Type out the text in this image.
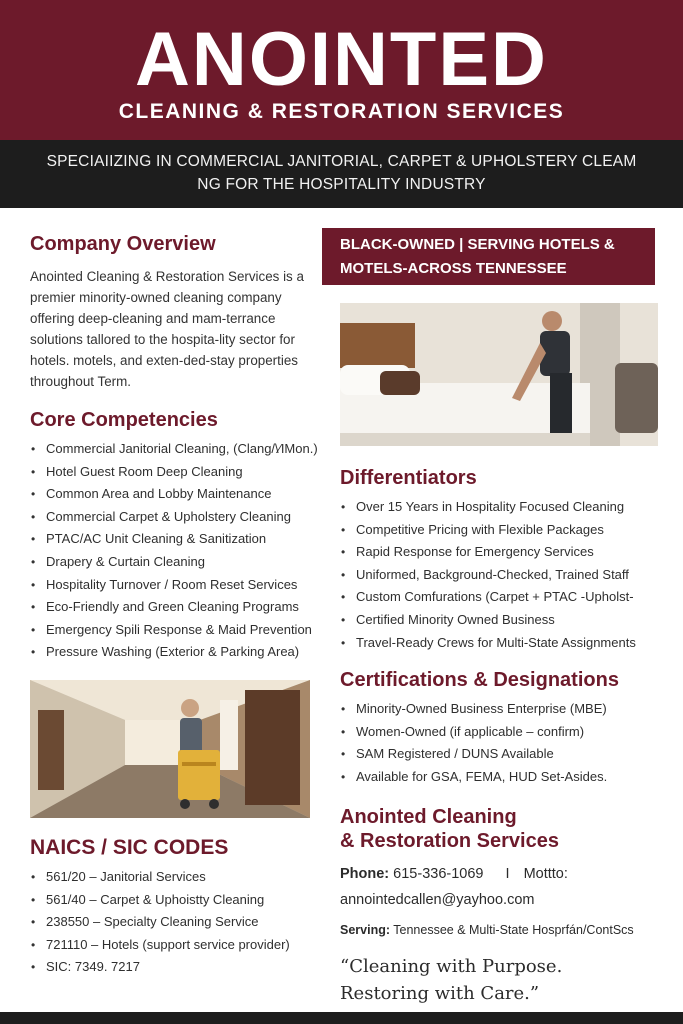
ANOINTED
CLEANING & RESTORATION SERVICES
SPECIAIIZING IN COMMERCIAL JANITORIAL, CARPET & UPHOLSTERY CLEAM NG FOR THE HOSPITALITY INDUSTRY
Company Overview

Anointed Cleaning & Restoration Services is a premier minority-owned cleaning company offering deep-cleaning and mam-terrance solutions tallored to the hospita-lity sector for hotels. motels, and exten-ded-stay properties throughout Term.

Core Competencies
• Commercial Janitorial Cleaning, (Clang/\⁄IMon.)
• Hotel Guest Room Deep Cleaning
• Common Area and Lobby Maintenance
• Commercial Carpet & Upholstery Cleaning
• PTAC/AC Unit Cleaning & Sanitization
• Drapery & Curtain Cleaning
• Hospitality Turnover / Room Reset Services
• Eco-Friendly and Green Cleaning Programs
• Emergency Spili Response & Maid Prevention
• Pressure Washing (Exterior & Parking Area)
NAICS / SIC CODES
• 561/20 – Janitorial Services
• 561/40 – Carpet & Uphoistty Cleaning
• 238550 – Specialty Cleaning Service
• 721110 – Hotels (support service provider)
• SIC: 7349. 7217
BLACK-OWNED | SERVING HOTELS & MOTELS-ACROSS TENNESSEE
Differentiators
• Over 15 Years in Hospitality Focused Cleaning
• Competitive Pricing with Flexible Packages
• Rapid Response for Emergency Services
• Uniformed, Background-Checked, Trained Staff
• Custom Comfurations (Carpet + PTAC -Upholst-
• Certified Minority Owned Business
• Travel-Ready Crews for Multi-State Assignments
Certifications & Designations
• Minority-Owned Business Enterprise (MBE)
• Women-Owned (if applicable – confirm)
• SAM Registered / DUNS Available
• Available for GSA, FEMA, HUD Set-Asides.
Anointed Cleaning
& Restoration Services
Phone: 615-336-1069 I Mottto:
annointedcallen@yayhoo.com
Serving: Tennessee & Multi-State Hosprfán/ContScs
“Cleaning with Purpose.
Restoring with Care.”
